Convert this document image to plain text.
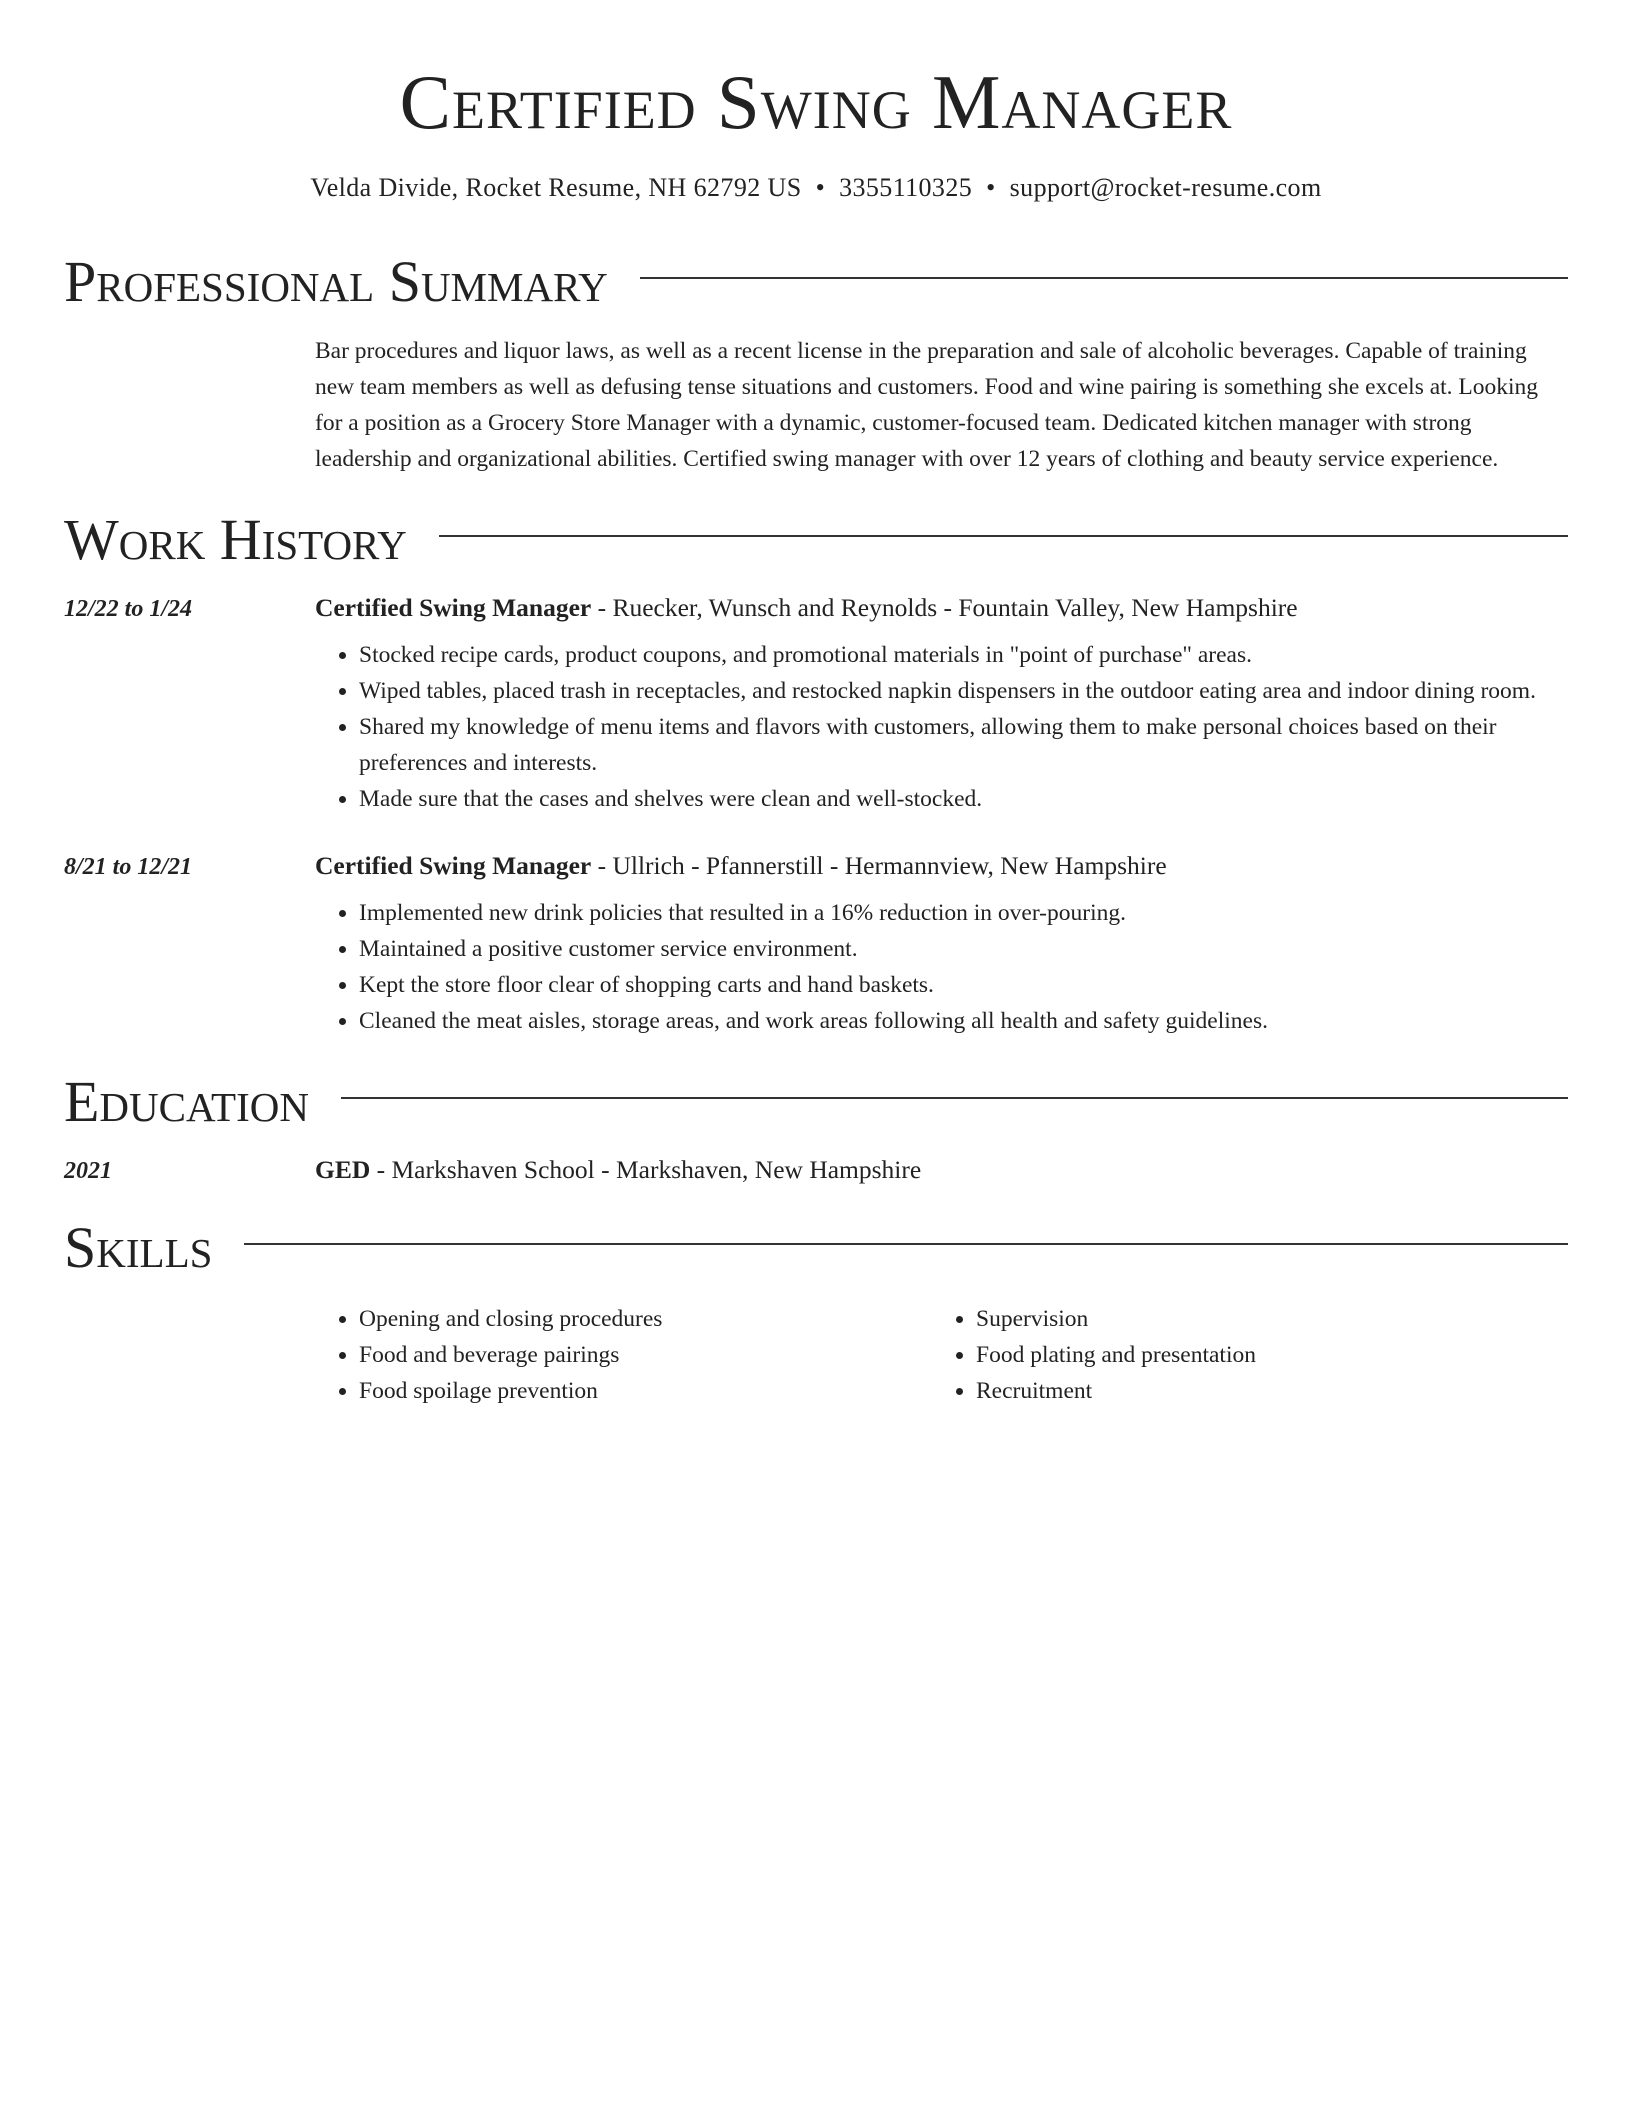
Certified Swing Manager
Velda Divide, Rocket Resume, NH 62792 US • 3355110325 • support@rocket-resume.com
Professional Summary
Bar procedures and liquor laws, as well as a recent license in the preparation and sale of alcoholic beverages. Capable of training new team members as well as defusing tense situations and customers. Food and wine pairing is something she excels at. Looking for a position as a Grocery Store Manager with a dynamic, customer-focused team. Dedicated kitchen manager with strong leadership and organizational abilities. Certified swing manager with over 12 years of clothing and beauty service experience.
Work History
12/22 to 1/24	Certified Swing Manager - Ruecker, Wunsch and Reynolds - Fountain Valley, New Hampshire
• Stocked recipe cards, product coupons, and promotional materials in "point of purchase" areas.
• Wiped tables, placed trash in receptacles, and restocked napkin dispensers in the outdoor eating area and indoor dining room.
• Shared my knowledge of menu items and flavors with customers, allowing them to make personal choices based on their preferences and interests.
• Made sure that the cases and shelves were clean and well-stocked.
8/21 to 12/21	Certified Swing Manager - Ullrich - Pfannerstill - Hermannview, New Hampshire
• Implemented new drink policies that resulted in a 16% reduction in over-pouring.
• Maintained a positive customer service environment.
• Kept the store floor clear of shopping carts and hand baskets.
• Cleaned the meat aisles, storage areas, and work areas following all health and safety guidelines.
Education
2021	GED - Markshaven School - Markshaven, New Hampshire
Skills
• Opening and closing procedures
• Food and beverage pairings
• Food spoilage prevention
• Supervision
• Food plating and presentation
• Recruitment
